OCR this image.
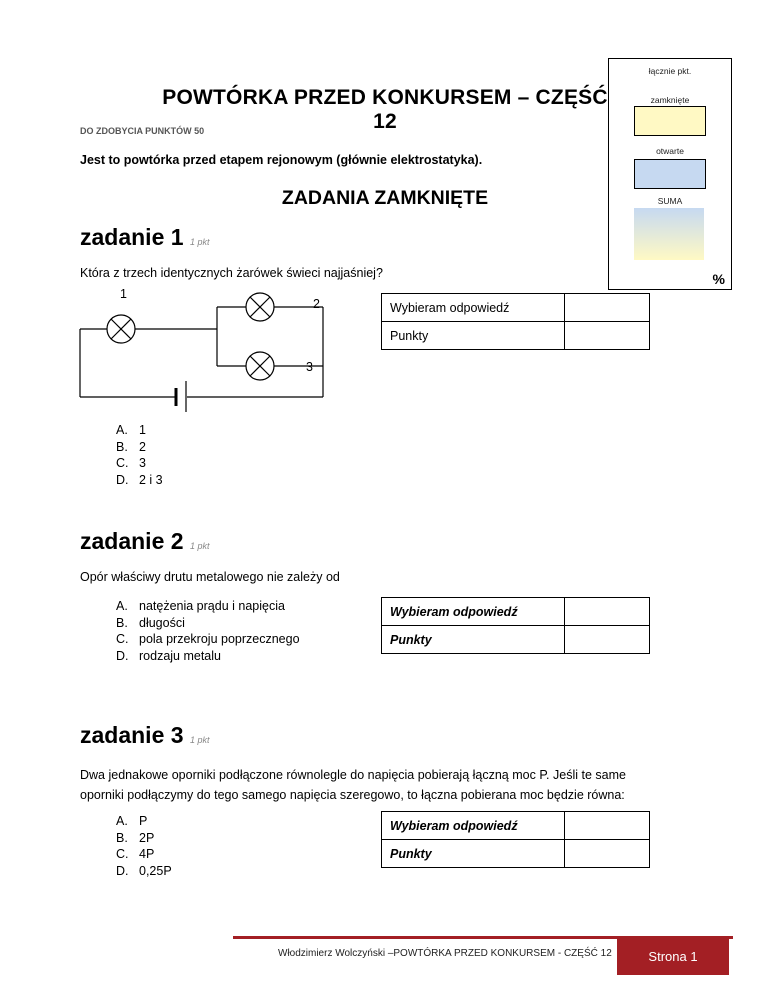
POWTÓRKA PRZED KONKURSEM – CZĘŚĆ 12
DO ZDOBYCIA PUNKTÓW 50
Jest to powtórka przed etapem rejonowym (głównie elektrostatyka).
ZADANIA ZAMKNIĘTE
łącznie pkt.
zamknięte
otwarte
SUMA
%
zadanie 1 1 pkt
Która z trzech identycznych żarówek świeci najjaśniej?
1
2
3
Wybieram odpowiedź	
Punkty	
A. 1
B. 2
C. 3
D. 2 i 3
zadanie 2 1 pkt
Opór właściwy drutu metalowego nie zależy od
A. natężenia prądu i napięcia
B. długości
C. pola przekroju poprzecznego
D. rodzaju metalu
Wybieram odpowiedź	
Punkty	
zadanie 3 1 pkt
Dwa jednakowe oporniki podłączone równolegle do napięcia pobierają łączną moc P. Jeśli te same
oporniki podłączymy do tego samego napięcia szeregowo, to łączna pobierana moc będzie równa:
A. P
B. 2P
C. 4P
D. 0,25P
Wybieram odpowiedź	
Punkty	
Włodzimierz Wolczyński –POWTÓRKA PRZED KONKURSEM - CZĘŚĆ 12	Strona 1
